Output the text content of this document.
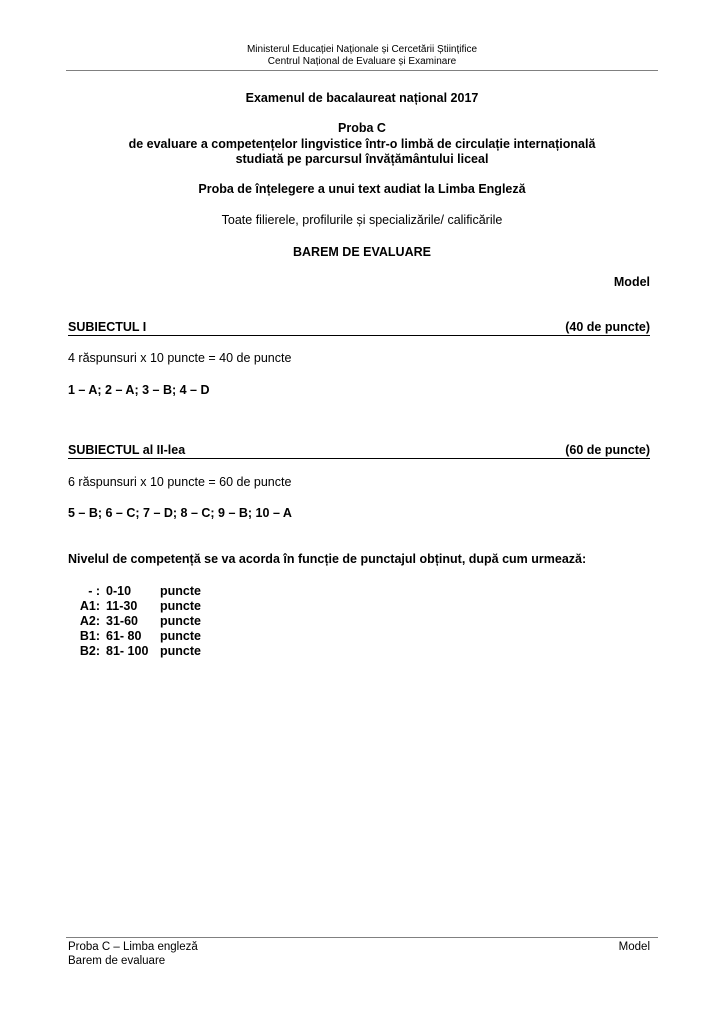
Ministerul Educației Naționale și Cercetării Științifice
Centrul Național de Evaluare și Examinare
Examenul de bacalaureat național 2017
Proba C
de evaluare a competențelor lingvistice într-o limbă de circulație internațională
studiată pe parcursul învățământului liceal
Proba de înțelegere a unui text audiat la Limba Engleză
Toate filierele, profilurile și specializările/ calificările
BAREM DE EVALUARE
Model
SUBIECTUL I	(40 de puncte)
4 răspunsuri x 10 puncte = 40 de puncte
1 – A; 2 – A; 3 – B; 4 – D
SUBIECTUL al II-lea	(60 de puncte)
6 răspunsuri x 10 puncte = 60 de puncte
5 – B; 6 – C; 7 – D; 8 – C; 9 – B; 10 – A
Nivelul de competență se va acorda în funcție de punctajul obținut, după cum urmează:
- : 0-10	puncte
A1: 11-30	puncte
A2: 31-60	puncte
B1: 61- 80	puncte
B2: 81- 100 puncte
Proba C – Limba engleză
Barem de evaluare
Model
